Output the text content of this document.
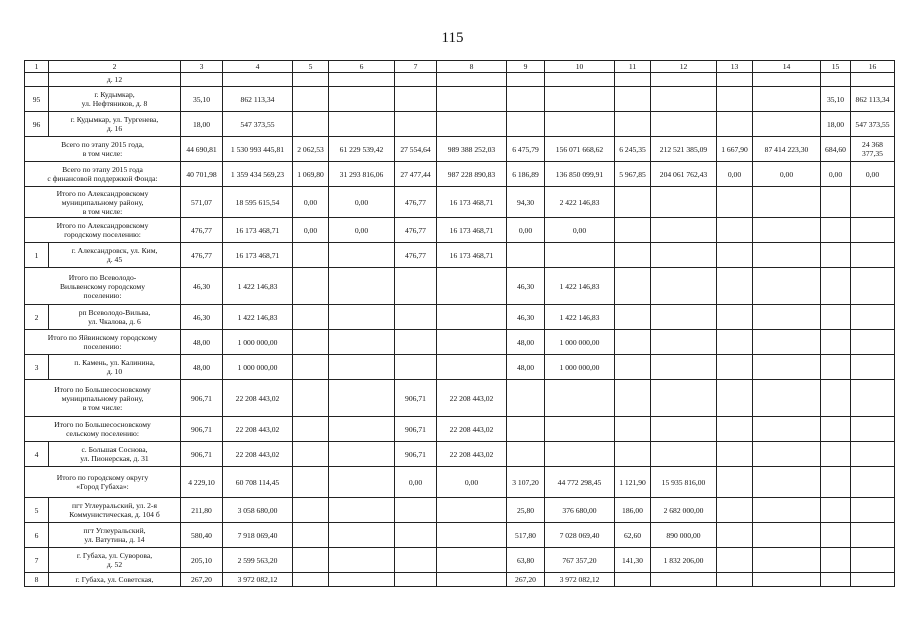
115
1	2	3	4	5	6	7	8	9	10	11	12	13	14	15	16
	д. 12														
95	г. Кудымкар,
ул. Нефтяников, д. 8	35,10	862 113,34											35,10	862 113,34
96	г. Кудымкар, ул. Тургенева,
д. 16	18,00	547 373,55											18,00	547 373,55
Всего по этапу 2015 года,
в том числе:		44 690,81	1 530 993 445,81	2 062,53	61 229 539,42	27 554,64	989 388 252,03	6 475,79	156 071 668,62	6 245,35	212 521 385,09	1 667,90	87 414 223,30	684,60	24 368 377,35
Всего по этапу 2015 года
с финансовой поддержкой Фонда:		40 701,98	1 359 434 569,23	1 069,80	31 293 816,06	27 477,44	987 228 890,83	6 186,89	136 850 099,91	5 967,85	204 061 762,43	0,00	0,00	0,00	0,00
Итого по Александровскому
муниципальному району,
в том числе:		571,07	18 595 615,54	0,00	0,00	476,77	16 173 468,71	94,30	2 422 146,83						
Итого по Александровскому
городскому поселению:		476,77	16 173 468,71	0,00	0,00	476,77	16 173 468,71	0,00	0,00						
1	г. Александровск, ул. Ким,
д. 45	476,77	16 173 468,71			476,77	16 173 468,71								
Итого по Всеволодо-
Вильвенскому городскому
поселению:		46,30	1 422 146,83					46,30	1 422 146,83						
2	рп Всеволодо-Вильва,
ул. Чкалова, д. 6	46,30	1 422 146,83					46,30	1 422 146,83						
Итого по Яйвинскому городскому
поселению:		48,00	1 000 000,00					48,00	1 000 000,00						
3	п. Камень, ул. Калинина,
д. 10	48,00	1 000 000,00					48,00	1 000 000,00						
Итого по Большесосновскому
муниципальному району,
в том числе:		906,71	22 208 443,02			906,71	22 208 443,02								
Итого по Большесосновскому
сельскому поселению:		906,71	22 208 443,02			906,71	22 208 443,02								
4	с. Большая Соснова,
ул. Пионерская, д. 31	906,71	22 208 443,02			906,71	22 208 443,02								
Итого по городскому округу
«Город Губаха»:		4 229,10	60 708 114,45			0,00	0,00	3 107,20	44 772 298,45	1 121,90	15 935 816,00				
5	пгт Углеуральский, ул. 2-я
Коммунистическая, д. 104 б	211,80	3 058 680,00					25,80	376 680,00	186,00	2 682 000,00				
6	пгт Углеуральский,
ул. Ватутина, д. 14	580,40	7 918 069,40					517,80	7 028 069,40	62,60	890 000,00				
7	г. Губаха, ул. Суворова,
д. 52	205,10	2 599 563,20					63,80	767 357,20	141,30	1 832 206,00				
8	г. Губаха, ул. Советская,	267,20	3 972 082,12					267,20	3 972 082,12						
